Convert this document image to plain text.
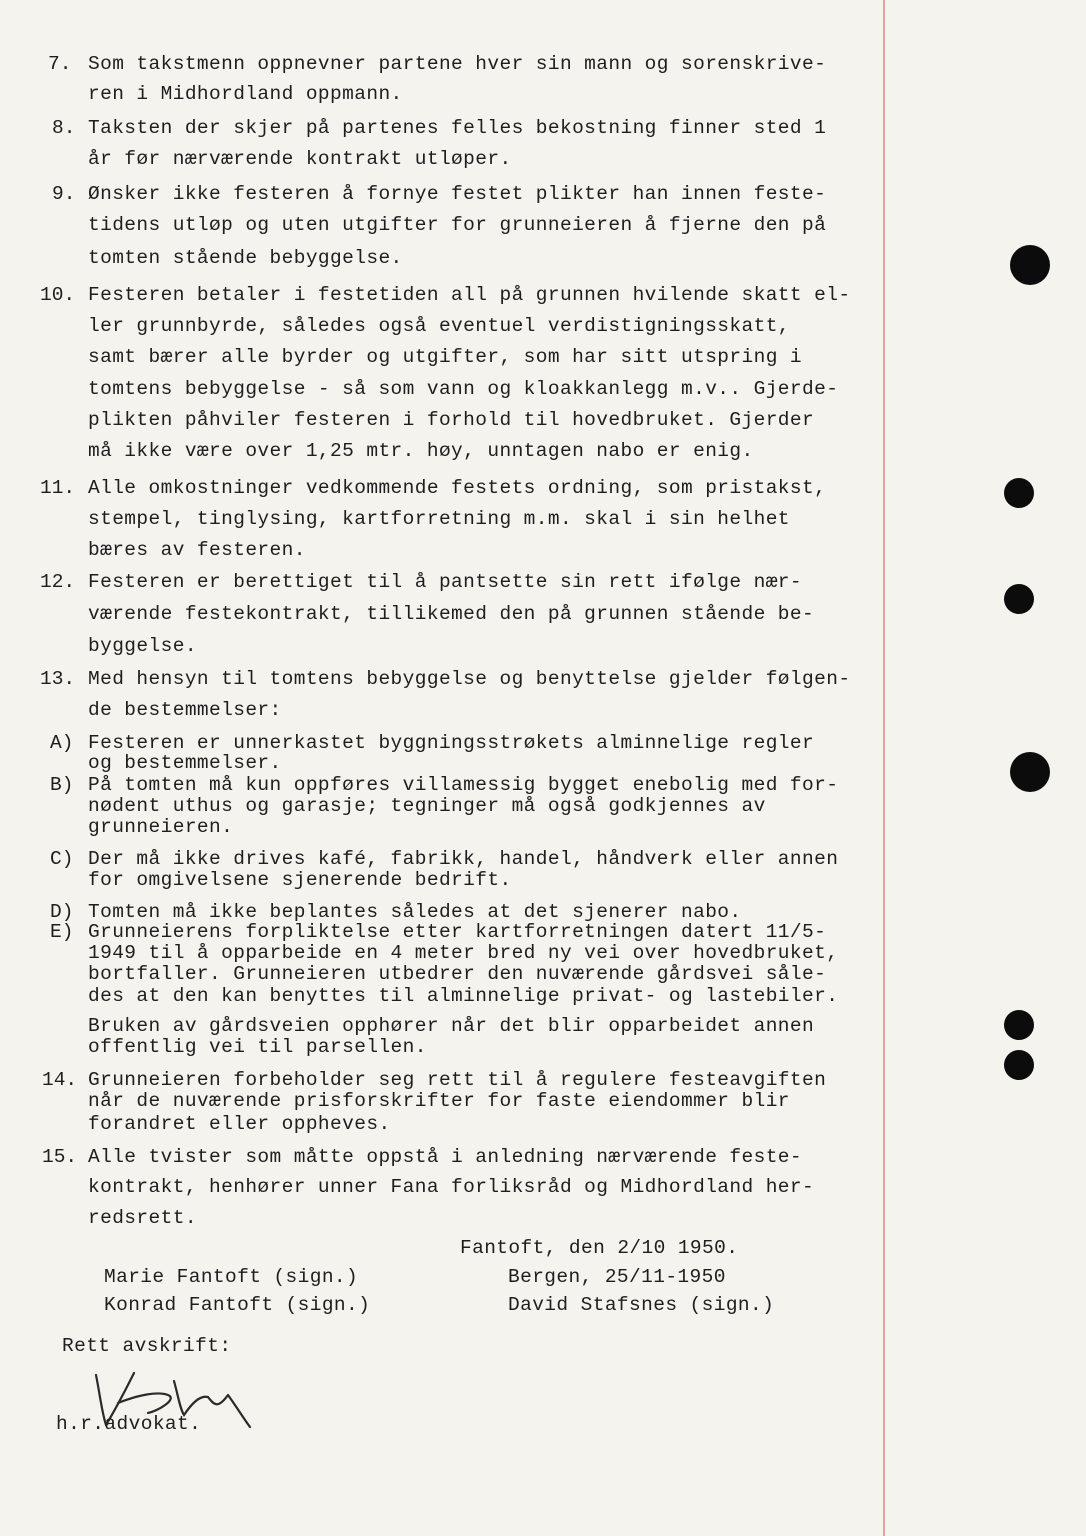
7. Som takstmenn oppnevner partene hver sin mann og sorenskrive-
ren i Midhordland oppmann.
8. Taksten der skjer på partenes felles bekostning finner sted 1
år før nærværende kontrakt utløper.
9. Ønsker ikke festeren å fornye festet plikter han innen feste-
tidens utløp og uten utgifter for grunneieren å fjerne den på
tomten stående bebyggelse.
10. Festeren betaler i festetiden all på grunnen hvilende skatt el-
ler grunnbyrde, således også eventuel verdistigningsskatt,
samt bærer alle byrder og utgifter, som har sitt utspring i
tomtens bebyggelse - så som vann og kloakkanlegg m.v.. Gjerde-
plikten påhviler festeren i forhold til hovedbruket. Gjerder
må ikke være over 1,25 mtr. høy, unntagen nabo er enig.
11. Alle omkostninger vedkommende festets ordning, som pristakst,
stempel, tinglysing, kartforretning m.m. skal i sin helhet
bæres av festeren.
12. Festeren er berettiget til å pantsette sin rett ifølge nær-
værende festekontrakt, tillikemed den på grunnen stående be-
byggelse.
13. Med hensyn til tomtens bebyggelse og benyttelse gjelder følgen-
de bestemmelser:
A) Festeren er unnerkastet byggningsstrøkets alminnelige regler
og bestemmelser.
B) På tomten må kun oppføres villamessig bygget enebolig med for-
nødent uthus og garasje; tegninger må også godkjennes av
grunneieren.
C) Der må ikke drives kafé, fabrikk, handel, håndverk eller annen
for omgivelsene sjenerende bedrift.
D) Tomten må ikke beplantes således at det sjenerer nabo.
E) Grunneierens forpliktelse etter kartforretningen datert 11/5-
1949 til å opparbeide en 4 meter bred ny vei over hovedbruket,
bortfaller. Grunneieren utbedrer den nuværende gårdsvei såle-
des at den kan benyttes til alminnelige privat- og lastebiler.
Bruken av gårdsveien opphører når det blir opparbeidet annen
offentlig vei til parsellen.
14. Grunneieren forbeholder seg rett til å regulere festeavgiften
når de nuværende prisforskrifter for faste eiendommer blir
forandret eller oppheves.
15. Alle tvister som måtte oppstå i anledning nærværende feste-
kontrakt, henhører unner Fana forliksråd og Midhordland her-
redsrett.
Fantoft, den 2/10 1950.
Marie Fantoft (sign.)	Bergen, 25/11-1950
Konrad Fantoft (sign.)	David Stafsnes (sign.)
Rett avskrift:
h.r.advokat.
